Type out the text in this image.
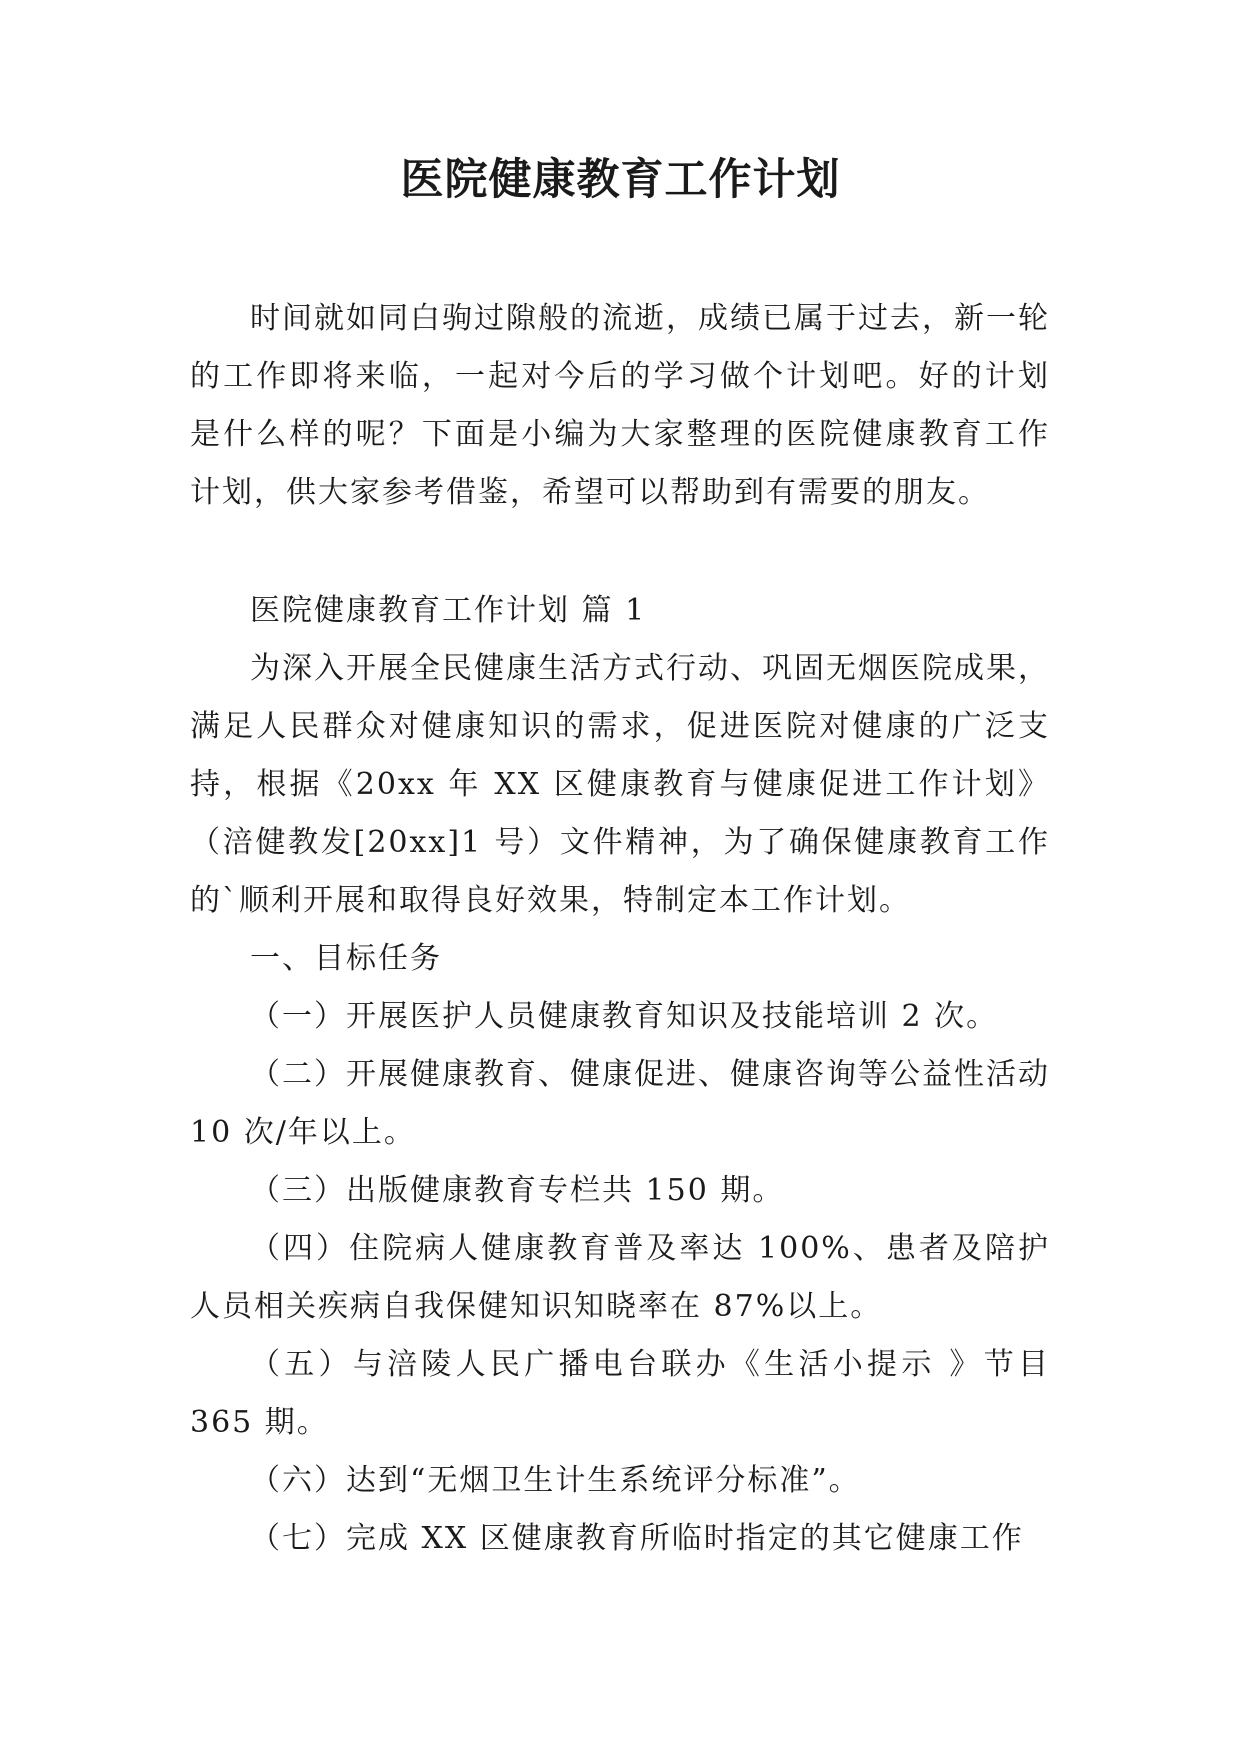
医院健康教育工作计划

时间就如同白驹过隙般的流逝，成绩已属于过去，新一轮的工作即将来临，一起对今后的学习做个计划吧。好的计划是什么样的呢？下面是小编为大家整理的医院健康教育工作计划，供大家参考借鉴，希望可以帮助到有需要的朋友。

医院健康教育工作计划 篇 1

为深入开展全民健康生活方式行动、巩固无烟医院成果，满足人民群众对健康知识的需求，促进医院对健康的广泛支持，根据《20xx 年 XX 区健康教育与健康促进工作计划》（涪健教发[20xx]1 号）文件精神，为了确保健康教育工作的`顺利开展和取得良好效果，特制定本工作计划。

一、目标任务

（一）开展医护人员健康教育知识及技能培训 2 次。

（二）开展健康教育、健康促进、健康咨询等公益性活动 10 次/年以上。

（三）出版健康教育专栏共 150 期。

（四）住院病人健康教育普及率达 100%、患者及陪护人员相关疾病自我保健知识知晓率在 87%以上。

（五）与涪陵人民广播电台联办《生活小提示 》节目 365 期。

（六）达到“无烟卫生计生系统评分标准”。

（七）完成 XX 区健康教育所临时指定的其它健康工作
